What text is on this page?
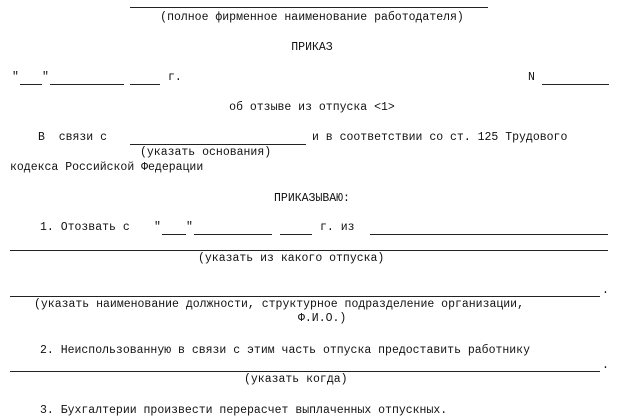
(полное фирменное наименование работодателя)
ПРИКАЗ
" "	г.	N
об отзыве из отпуска <1>
В  связи с	и в соответствии со ст. 125 Трудового
(указать основания)
кодекса Российской Федерации
ПРИКАЗЫВАЮ:
1. Отозвать с " "	г. из
(указать из какого отпуска)
.
(указать наименование должности, структурное подразделение организации,
Ф.И.О.)
2. Неиспользованную в связи с этим часть отпуска предоставить работнику
.
(указать когда)
3. Бухгалтерии произвести перерасчет выплаченных отпускных.
